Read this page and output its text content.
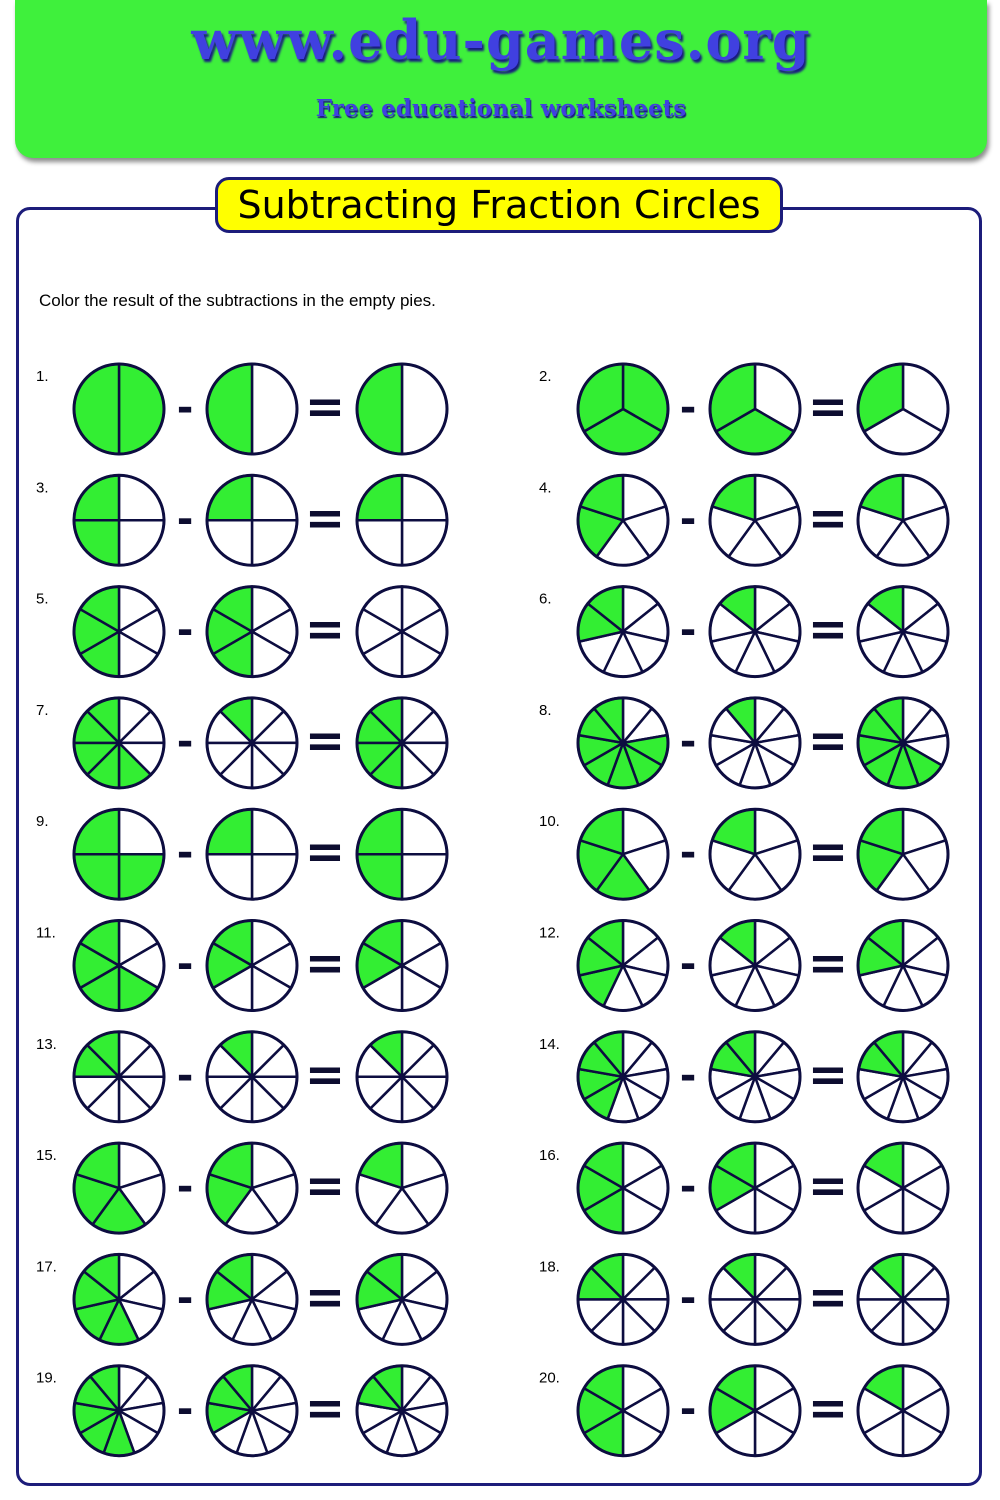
www.edu-games.org
Free educational worksheets
Subtracting Fraction Circles
Color the result of the subtractions in the empty pies.
1.
- =
2.
- =
3.
- =
4.
- =
5.
- =
6.
- =
7.
- =
8.
- =
9.
- =
10.
- =
11.
- =
12.
- =
13.
- =
14.
- =
15.
- =
16.
- =
17.
- =
18.
- =
19.
- =
20.
- =
